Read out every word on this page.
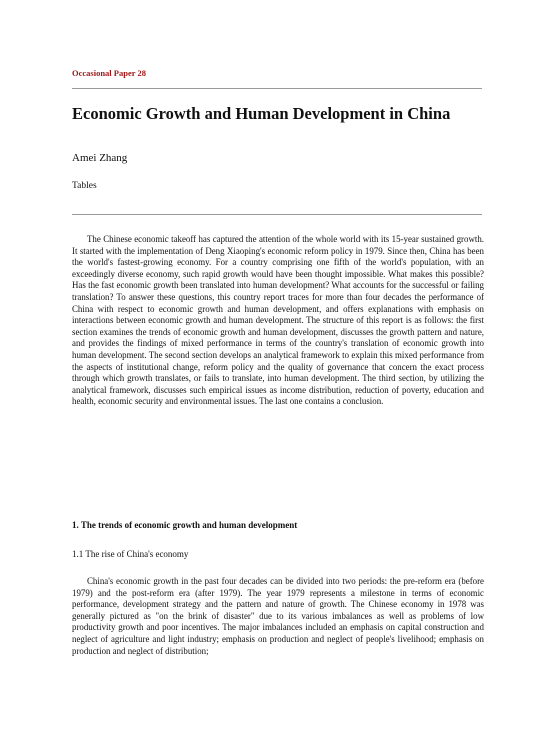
Occasional Paper 28
Economic Growth and Human Development in China
Amei Zhang
Tables

The Chinese economic takeoff has captured the attention of the whole world with its 15-year sustained growth. It started with the implementation of Deng Xiaoping's economic reform policy in 1979. Since then, China has been the world's fastest-growing economy. For a country comprising one fifth of the world's population, with an exceedingly diverse economy, such rapid growth would have been thought impossible. What makes this possible? Has the fast economic growth been translated into human development? What accounts for the successful or failing translation? To answer these questions, this country report traces for more than four decades the performance of China with respect to economic growth and human development, and offers explanations with emphasis on interactions between economic growth and human development. The structure of this report is as follows: the first section examines the trends of economic growth and human development, discusses the growth pattern and nature, and provides the findings of mixed performance in terms of the country's translation of economic growth into human development. The second section develops an analytical framework to explain this mixed performance from the aspects of institutional change, reform policy and the quality of governance that concern the exact process through which growth translates, or fails to translate, into human development. The third section, by utilizing the analytical framework, discusses such empirical issues as income distribution, reduction of poverty, education and health, economic security and environmental issues. The last one contains a conclusion.

1. The trends of economic growth and human development
1.1 The rise of China's economy

China's economic growth in the past four decades can be divided into two periods: the pre-reform era (before 1979) and the post-reform era (after 1979). The year 1979 represents a milestone in terms of economic performance, development strategy and the pattern and nature of growth. The Chinese economy in 1978 was generally pictured as "on the brink of disaster" due to its various imbalances as well as problems of low productivity growth and poor incentives. The major imbalances included an emphasis on capital construction and neglect of agriculture and light industry; emphasis on production and neglect of people's livelihood; emphasis on production and neglect of distribution;
